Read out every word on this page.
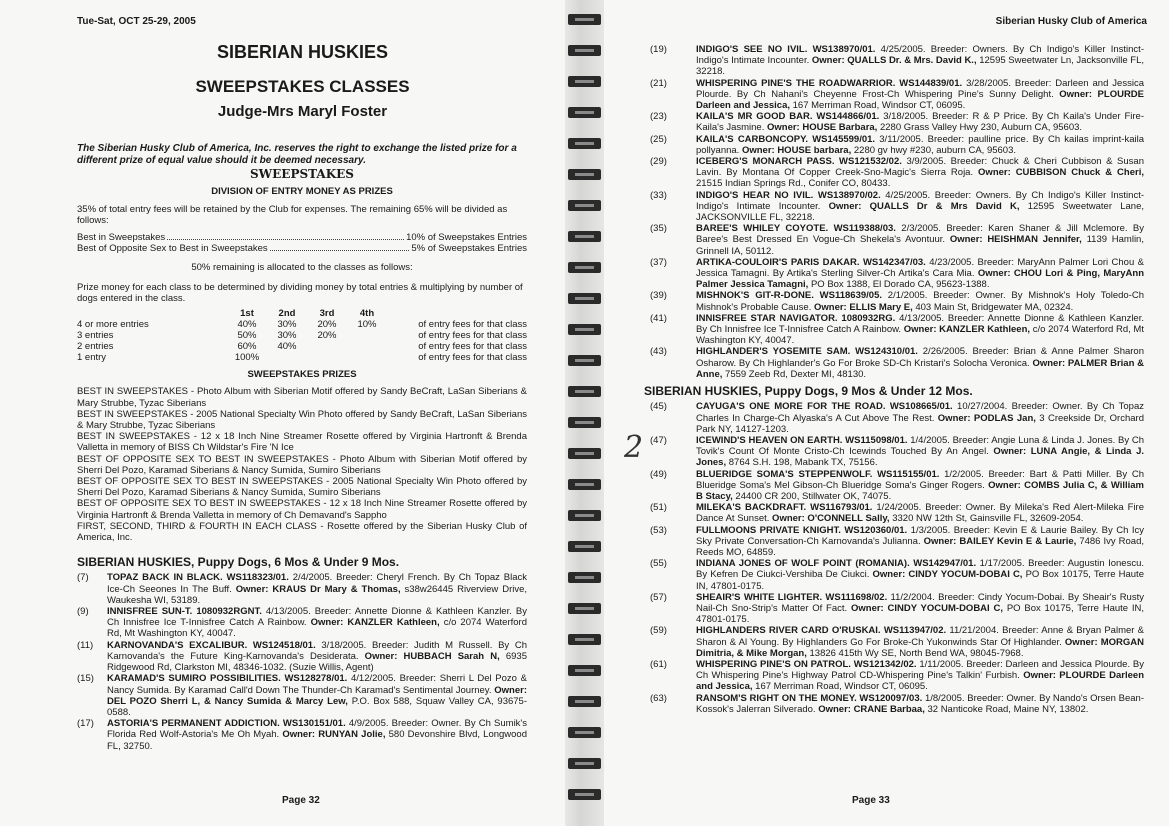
Tue-Sat, OCT 25-29, 2005
SIBERIAN HUSKIES
SWEEPSTAKES CLASSES
Judge-Mrs Maryl Foster
The Siberian Husky Club of America, Inc. reserves the right to exchange the listed prize for a different prize of equal value should it be deemed necessary.
SWEEPSTAKES
DIVISION OF ENTRY MONEY AS PRIZES
35% of total entry fees will be retained by the Club for expenses. The remaining 65% will be divided as follows:
Best in Sweepstakes	10% of Sweepstakes Entries
Best of Opposite Sex to Best in Sweepstakes	5% of Sweepstakes Entries
50% remaining is allocated to the classes as follows:
Prize money for each class to be determined by dividing money by total entries & multiplying by number of dogs entered in the class.
	1st	2nd	3rd	4th	
4 or more entries	40%	30%	20%	10%	of entry fees for that class
3 entries	50%	30%	20%		of entry fees for that class
2 entries	60%	40%			of entry fees for that class
1 entry	100%				of entry fees for that class
SWEEPSTAKES PRIZES
BEST IN SWEEPSTAKES - Photo Album with Siberian Motif offered by Sandy BeCraft, LaSan Siberians & Mary Strubbe, Tyzac Siberians
BEST IN SWEEPSTAKES - 2005 National Specialty Win Photo offered by Sandy BeCraft, LaSan Siberians & Mary Strubbe, Tyzac Siberians
BEST IN SWEEPSTAKES - 12 x 18 Inch Nine Streamer Rosette offered by Virginia Hartronft & Brenda Valletta in memory of BISS Ch Wildstar's Fire 'N Ice
BEST OF OPPOSITE SEX TO BEST IN SWEEPSTAKES - Photo Album with Siberian Motif offered by Sherri Del Pozo, Karamad Siberians & Nancy Sumida, Sumiro Siberians
BEST OF OPPOSITE SEX TO BEST IN SWEEPSTAKES - 2005 National Specialty Win Photo offered by Sherri Del Pozo, Karamad Siberians & Nancy Sumida, Sumiro Siberians
BEST OF OPPOSITE SEX TO BEST IN SWEEPSTAKES - 12 x 18 Inch Nine Streamer Rosette offered by Virginia Hartronft & Brenda Valletta in memory of Ch Demavand's Sappho
FIRST, SECOND, THIRD & FOURTH IN EACH CLASS - Rosette offered by the Siberian Husky Club of America, Inc.
SIBERIAN HUSKIES, Puppy Dogs, 6 Mos & Under 9 Mos.
(7)	TOPAZ BACK IN BLACK. WS118323/01. 2/4/2005. Breeder: Cheryl French. By Ch Topaz Black Ice-Ch Seeones In The Buff. Owner: KRAUS Dr Mary & Thomas, s38w26445 Riverview Drive, Waukesha WI, 53189.
(9)	INNISFREE SUN-T. 1080932RGNT. 4/13/2005. Breeder: Annette Dionne & Kathleen Kanzler. By Ch Innisfree Ice T-Innisfree Catch A Rainbow. Owner: KANZLER Kathleen, c/o 2074 Waterford Rd, Mt Washington KY, 40047.
(11)	KARNOVANDA'S EXCALIBUR. WS124518/01. 3/18/2005. Breeder: Judith M Russell. By Ch Karnovanda's the Future King-Karnovanda's Desiderata. Owner: HUBBACH Sarah N, 6935 Ridgewood Rd, Clarkston MI, 48346-1032. (Suzie Willis, Agent)
(15)	KARAMAD'S SUMIRO POSSIBILITIES. WS128278/01. 4/12/2005. Breeder: Sherri L Del Pozo & Nancy Sumida. By Karamad Call'd Down The Thunder-Ch Karamad's Sentimental Journey. Owner: DEL POZO Sherri L, & Nancy Sumida & Marcy Lew, P.O. Box 588, Squaw Valley CA, 93675-0588.
(17)	ASTORIA'S PERMANENT ADDICTION. WS130151/01. 4/9/2005. Breeder: Owner. By Ch Sumik's Florida Red Wolf-Astoria's Me Oh Myah. Owner: RUNYAN Jolie, 580 Devonshire Blvd, Longwood FL, 32750.
Page 32
Siberian Husky Club of America
(19)	INDIGO'S SEE NO IVIL. WS138970/01. 4/25/2005. Breeder: Owners. By Ch Indigo's Killer Instinct-Indigo's Intimate Incounter. Owner: QUALLS Dr. & Mrs. David K., 12595 Sweetwater Ln, Jacksonville FL, 32218.
(21)	WHISPERING PINE'S THE ROADWARRIOR. WS144839/01. 3/28/2005. Breeder: Darleen and Jessica Plourde. By Ch Nahani's Cheyenne Frost-Ch Whispering Pine's Sunny Delight. Owner: PLOURDE Darleen and Jessica, 167 Merriman Road, Windsor CT, 06095.
(23)	KAILA'S MR GOOD BAR. WS144866/01. 3/18/2005. Breeder: R & P Price. By Ch Kaila's Under Fire-Kaila's Jasmine. Owner: HOUSE Barbara, 2280 Grass Valley Hwy 230, Auburn CA, 95603.
(25)	KAILA'S CARBONCOPY. WS145599/01. 3/11/2005. Breeder: paulline price. By Ch kailas imprint-kaila pollyanna. Owner: HOUSE barbara, 2280 gv hwy #230, auburn CA, 95603.
(29)	ICEBERG'S MONARCH PASS. WS121532/02. 3/9/2005. Breeder: Chuck & Cheri Cubbison & Susan Lavin. By Montana Of Copper Creek-Sno-Magic's Sierra Roja. Owner: CUBBISON Chuck & Cheri, 21515 Indian Springs Rd., Conifer CO, 80433.
(33)	INDIGO'S HEAR NO IVIL. WS138970/02. 4/25/2005. Breeder: Owners. By Ch Indigo's Killer Instinct-Indigo's Intimate Incounter. Owner: QUALLS Dr & Mrs David K, 12595 Sweetwater Lane, JACKSONVILLE FL, 32218.
(35)	BAREE'S WHILEY COYOTE. WS119388/03. 2/3/2005. Breeder: Karen Shaner & Jill Mclemore. By Baree's Best Dressed En Vogue-Ch Shekela's Avontuur. Owner: HEISHMAN Jennifer, 1139 Hamlin, Grinnell IA, 50112.
(37)	ARTIKA-COULOIR'S PARIS DAKAR. WS142347/03. 4/23/2005. Breeder: MaryAnn Palmer Lori Chou & Jessica Tamagni. By Artika's Sterling Silver-Ch Artika's Cara Mia. Owner: CHOU Lori & Ping, MaryAnn Palmer Jessica Tamagni, PO Box 1388, El Dorado CA, 95623-1388.
(39)	MISHNOK'S GIT-R-DONE. WS118639/05. 2/1/2005. Breeder: Owner. By Mishnok's Holy Toledo-Ch Mishnok's Probable Cause. Owner: ELLIS Mary E, 403 Main St, Bridgewater MA, 02324.
(41)	INNISFREE STAR NAVIGATOR. 1080932RG. 4/13/2005. Breeder: Annette Dionne & Kathleen Kanzler. By Ch Innisfree Ice T-Innisfree Catch A Rainbow. Owner: KANZLER Kathleen, c/o 2074 Waterford Rd, Mt Washington KY, 40047.
(43)	HIGHLANDER'S YOSEMITE SAM. WS124310/01. 2/26/2005. Breeder: Brian & Anne Palmer Sharon Osharow. By Ch Highlander's Go For Broke SD-Ch Kristari's Solocha Veronica. Owner: PALMER Brian & Anne, 7559 Zeeb Rd, Dexter MI, 48130.
SIBERIAN HUSKIES, Puppy Dogs, 9 Mos & Under 12 Mos.
(45)	CAYUGA'S ONE MORE FOR THE ROAD. WS108665/01. 10/27/2004. Breeder: Owner. By Ch Topaz Charles In Charge-Ch Alyaska's A Cut Above The Rest. Owner: PODLAS Jan, 3 Creekside Dr, Orchard Park NY, 14127-1203.
(47)	ICEWIND'S HEAVEN ON EARTH. WS115098/01. 1/4/2005. Breeder: Angie Luna & Linda J. Jones. By Ch Tovik's Count Of Monte Cristo-Ch Icewinds Touched By An Angel. Owner: LUNA Angie, & Linda J. Jones, 8764 S.H. 198, Mabank TX, 75156.
(49)	BLUERIDGE SOMA'S STEPPENWOLF. WS115155/01. 1/2/2005. Breeder: Bart & Patti Miller. By Ch Blueridge Soma's Mel Gibson-Ch Blueridge Soma's Ginger Rogers. Owner: COMBS Julia C, & William B Stacy, 24400 CR 200, Stillwater OK, 74075.
(51)	MILEKA'S BACKDRAFT. WS116793/01. 1/24/2005. Breeder: Owner. By Mileka's Red Alert-Mileka Fire Dance At Sunset. Owner: O'CONNELL Sally, 3320 NW 12th St, Gainsville FL, 32609-2054.
(53)	FULLMOONS PRIVATE KNIGHT. WS120360/01. 1/3/2005. Breeder: Kevin E & Laurie Bailey. By Ch Icy Sky Private Conversation-Ch Karnovanda's Julianna. Owner: BAILEY Kevin E & Laurie, 7486 Ivy Road, Reeds MO, 64859.
(55)	INDIANA JONES OF WOLF POINT (ROMANIA). WS142947/01. 1/17/2005. Breeder: Augustin Ionescu. By Kefren De Ciukci-Vershiba De Ciukci. Owner: CINDY YOCUM-DOBAI C, PO Box 10175, Terre Haute IN, 47801-0175.
(57)	SHEAIR'S WHITE LIGHTER. WS111698/02. 11/2/2004. Breeder: Cindy Yocum-Dobai. By Sheair's Rusty Nail-Ch Sno-Strip's Matter Of Fact. Owner: CINDY YOCUM-DOBAI C, PO Box 10175, Terre Haute IN, 47801-0175.
(59)	HIGHLANDERS RIVER CARD O'RUSKAI. WS113947/02. 11/21/2004. Breeder: Anne & Bryan Palmer & Sharon & Al Young. By Highlanders Go For Broke-Ch Yukonwinds Star Of Highlander. Owner: MORGAN Dimitria, & Mike Morgan, 13826 415th Wy SE, North Bend WA, 98045-7968.
(61)	WHISPERING PINE'S ON PATROL. WS121342/02. 1/11/2005. Breeder: Darleen and Jessica Plourde. By Ch Whispering Pine's Highway Patrol CD-Whispering Pine's Talkin' Furbish. Owner: PLOURDE Darleen and Jessica, 167 Merriman Road, Windsor CT, 06095.
(63)	RANSOM'S RIGHT ON THE MONEY. WS120097/03. 1/8/2005. Breeder: Owner. By Nando's Orsen Bean-Kossok's Jalerran Silverado. Owner: CRANE Barbaa, 32 Nanticoke Road, Maine NY, 13802.
2
Page 33
